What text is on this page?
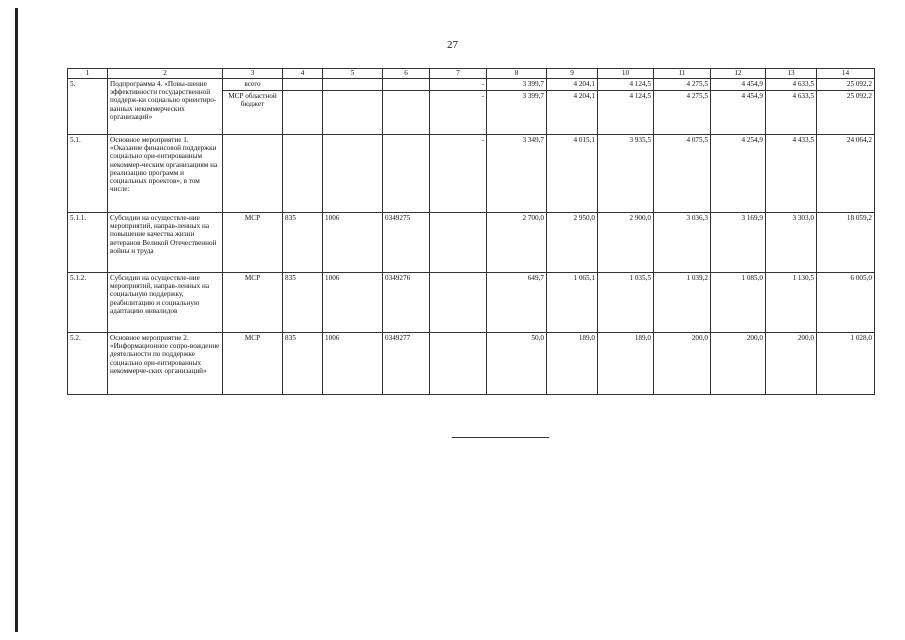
27
1	2	3	4	5	6	7	8	9	10	11	12	13	14
5.	Подпрограмма 4. «Повы-шение эффективности государственной поддерж-ки социально ориентиро-ванных некоммерческих организаций»	всего				-	3 399,7	4 204,1	4 124,5	4 275,5	4 454,9	4 633,5	25 092,2
		МСР областной бюджет				-	3 399,7	4 204,1	4 124,5	4 275,5	4 454,9	4 633,5	25 092,2
5.1.	Основное мероприятие 1. «Оказание финансовой поддержки социально ори-ентированным некоммер-ческим организациям на реализацию программ и социальных проектов», в том числе:					-	3 349,7	4 015,1	3 935,5	4 075,5	4 254,9	4 433,5	24 064,2
5.1.1.	Субсидии на осуществле-ние мероприятий, направ-ленных на повышение качества жизни ветеранов Великой Отечественной войны и труда	МСР	835	1006	0349275		2 700,0	2 950,0	2 900,0	3 036,3	3 169,9	3 303,0	18 059,2
5.1.2.	Субсидии на осуществле-ние мероприятий, направ-ленных на социальную поддержку, реабилитацию и социальную адаптацию инвалидов	МСР	835	1006	0349276		649,7	1 065,1	1 035,5	1 039,2	1 085,0	1 130,5	6 005,0
5.2.	Основное мероприятие 2. «Информационное сопро-вождение деятельности по поддержке социально ори-ентированных некоммерче-ских организаций»	МСР	835	1006	0349277		50,0	189,0	189,0	200,0	200,0	200,0	1 028,0
